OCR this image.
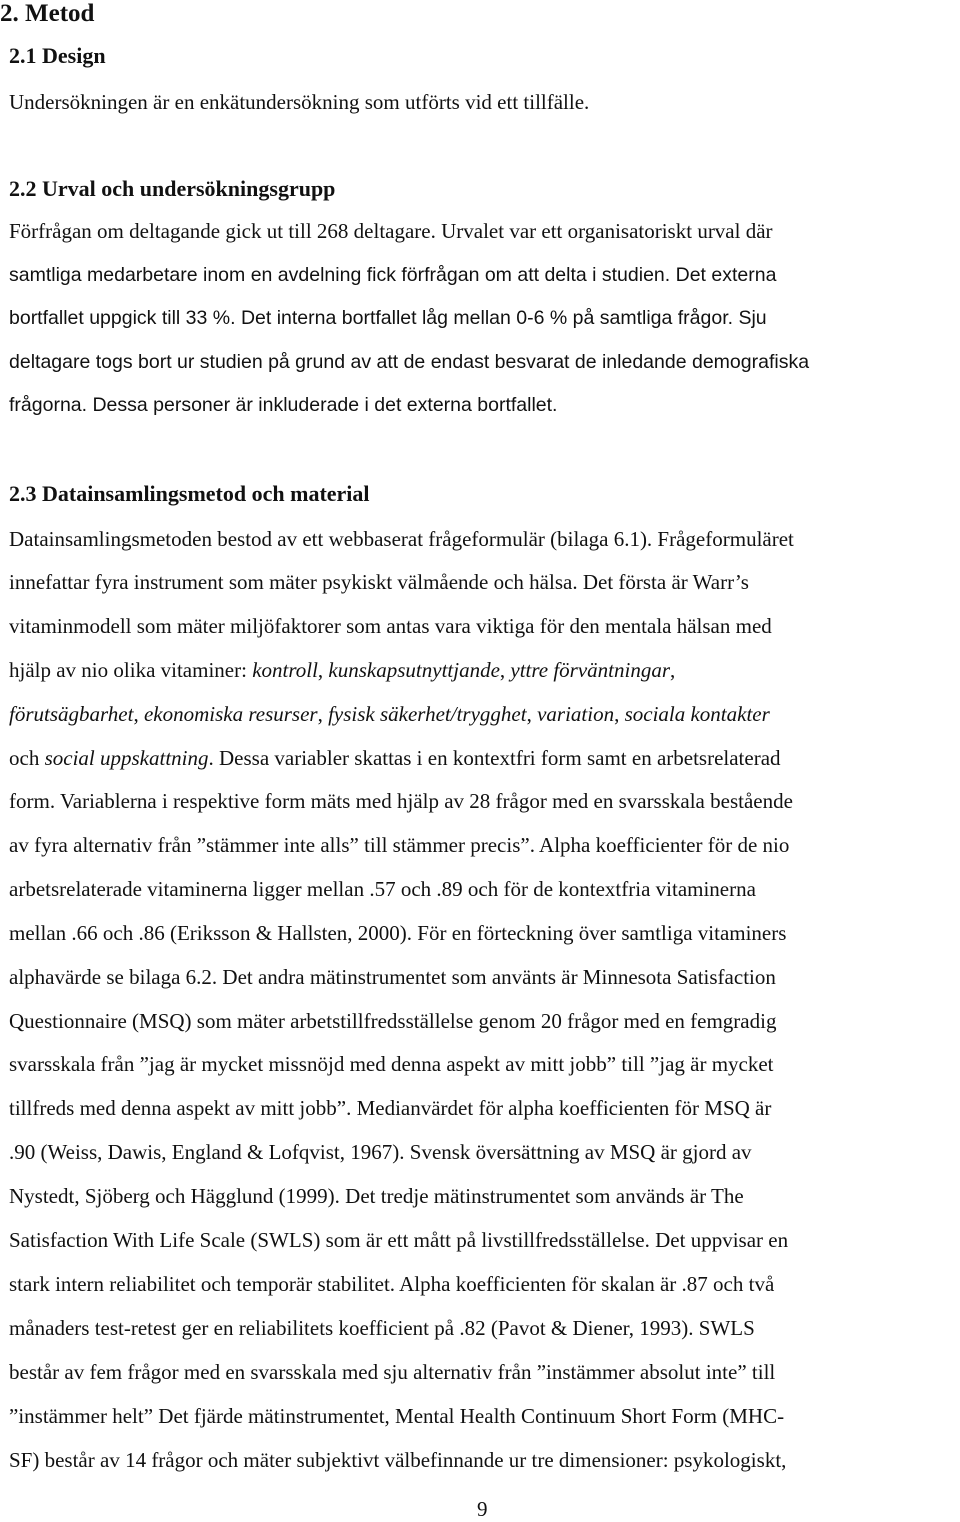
2. Metod
2.1 Design
Undersökningen är en enkätundersökning som utförts vid ett tillfälle.
2.2 Urval och undersökningsgrupp
Förfrågan om deltagande gick ut till 268 deltagare. Urvalet var ett organisatoriskt urval där
samtliga medarbetare inom en avdelning fick förfrågan om att delta i studien. Det externa
bortfallet uppgick till 33 %. Det interna bortfallet låg mellan 0-6 % på samtliga frågor. Sju
deltagare togs bort ur studien på grund av att de endast besvarat de inledande demografiska
frågorna. Dessa personer är inkluderade i det externa bortfallet.
2.3 Datainsamlingsmetod och material
Datainsamlingsmetoden bestod av ett webbaserat frågeformulär (bilaga 6.1). Frågeformuläret
innefattar fyra instrument som mäter psykiskt välmående och hälsa. Det första är Warr’s
vitaminmodell som mäter miljöfaktorer som antas vara viktiga för den mentala hälsan med
hjälp av nio olika vitaminer: kontroll, kunskapsutnyttjande, yttre förväntningar,
förutsägbarhet, ekonomiska resurser, fysisk säkerhet/trygghet, variation, sociala kontakter
och social uppskattning. Dessa variabler skattas i en kontextfri form samt en arbetsrelaterad
form. Variablerna i respektive form mäts med hjälp av 28 frågor med en svarsskala bestående
av fyra alternativ från ”stämmer inte alls” till stämmer precis”. Alpha koefficienter för de nio
arbetsrelaterade vitaminerna ligger mellan .57 och .89 och för de kontextfria vitaminerna
mellan .66 och .86 (Eriksson & Hallsten, 2000). För en förteckning över samtliga vitaminers
alphavärde se bilaga 6.2. Det andra mätinstrumentet som använts är Minnesota Satisfaction
Questionnaire (MSQ) som mäter arbetstillfredsställelse genom 20 frågor med en femgradig
svarsskala från ”jag är mycket missnöjd med denna aspekt av mitt jobb” till ”jag är mycket
tillfreds med denna aspekt av mitt jobb”. Medianvärdet för alpha koefficienten för MSQ är
.90 (Weiss, Dawis, England & Lofqvist, 1967). Svensk översättning av MSQ är gjord av
Nystedt, Sjöberg och Hägglund (1999). Det tredje mätinstrumentet som används är The
Satisfaction With Life Scale (SWLS) som är ett mått på livstillfredsställelse. Det uppvisar en
stark intern reliabilitet och temporär stabilitet. Alpha koefficienten för skalan är .87 och två
månaders test-retest ger en reliabilitets koefficient på .82 (Pavot & Diener, 1993). SWLS
består av fem frågor med en svarsskala med sju alternativ från ”instämmer absolut inte” till
”instämmer helt” Det fjärde mätinstrumentet, Mental Health Continuum Short Form (MHC-
SF) består av 14 frågor och mäter subjektivt välbefinnande ur tre dimensioner: psykologiskt,
9
